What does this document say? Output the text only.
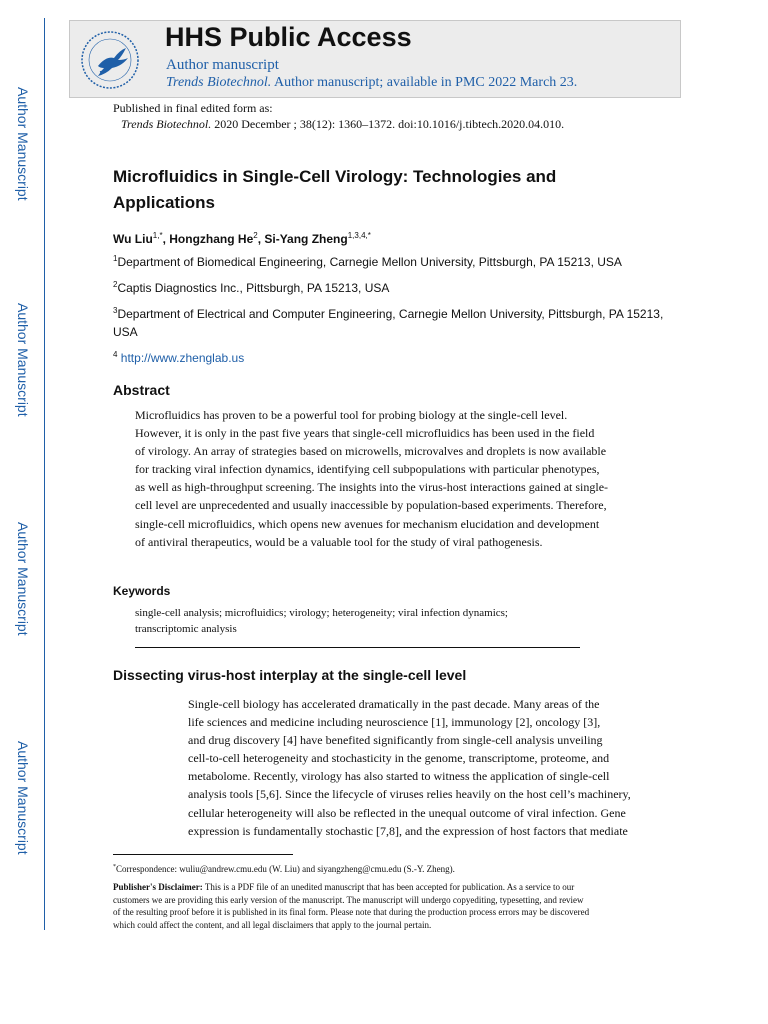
Author Manuscript
Author Manuscript
Author Manuscript
Author Manuscript
HHS Public Access
Author manuscript
Trends Biotechnol. Author manuscript; available in PMC 2022 March 23.
Published in final edited form as:
Trends Biotechnol. 2020 December ; 38(12): 1360–1372. doi:10.1016/j.tibtech.2020.04.010.
Microfluidics in Single-Cell Virology: Technologies and Applications
Wu Liu$^{1,*}$, Hongzhang He$^2$, Si-Yang Zheng$^{1,3,4,*}$
$^1$Department of Biomedical Engineering, Carnegie Mellon University, Pittsburgh, PA 15213, USA
$^2$Captis Diagnostics Inc., Pittsburgh, PA 15213, USA
$^3$Department of Electrical and Computer Engineering, Carnegie Mellon University, Pittsburgh, PA 15213, USA
$^4$ http://www.zhenglab.us
Abstract
Microfluidics has proven to be a powerful tool for probing biology at the single-cell level.
However, it is only in the past five years that single-cell microfluidics has been used in the field
of virology. An array of strategies based on microwells, microvalves and droplets is now available
for tracking viral infection dynamics, identifying cell subpopulations with particular phenotypes,
as well as high-throughput screening. The insights into the virus-host interactions gained at single-
cell level are unprecedented and usually inaccessible by population-based experiments. Therefore,
single-cell microfluidics, which opens new avenues for mechanism elucidation and development
of antiviral therapeutics, would be a valuable tool for the study of viral pathogenesis.
Keywords
single-cell analysis; microfluidics; virology; heterogeneity; viral infection dynamics;
transcriptomic analysis
Dissecting virus-host interplay at the single-cell level
Single-cell biology has accelerated dramatically in the past decade. Many areas of the
life sciences and medicine including neuroscience [1], immunology [2], oncology [3],
and drug discovery [4] have benefited significantly from single-cell analysis unveiling
cell-to-cell heterogeneity and stochasticity in the genome, transcriptome, proteome, and
metabolome. Recently, virology has also started to witness the application of single-cell
analysis tools [5,6]. Since the lifecycle of viruses relies heavily on the host cell’s machinery,
cellular heterogeneity will also be reflected in the unequal outcome of viral infection. Gene
expression is fundamentally stochastic [7,8], and the expression of host factors that mediate
*Correspondence: wuliu@andrew.cmu.edu (W. Liu) and siyangzheng@cmu.edu (S.-Y. Zheng).
Publisher's Disclaimer: This is a PDF file of an unedited manuscript that has been accepted for publication. As a service to our
customers we are providing this early version of the manuscript. The manuscript will undergo copyediting, typesetting, and review
of the resulting proof before it is published in its final form. Please note that during the production process errors may be discovered
which could affect the content, and all legal disclaimers that apply to the journal pertain.
